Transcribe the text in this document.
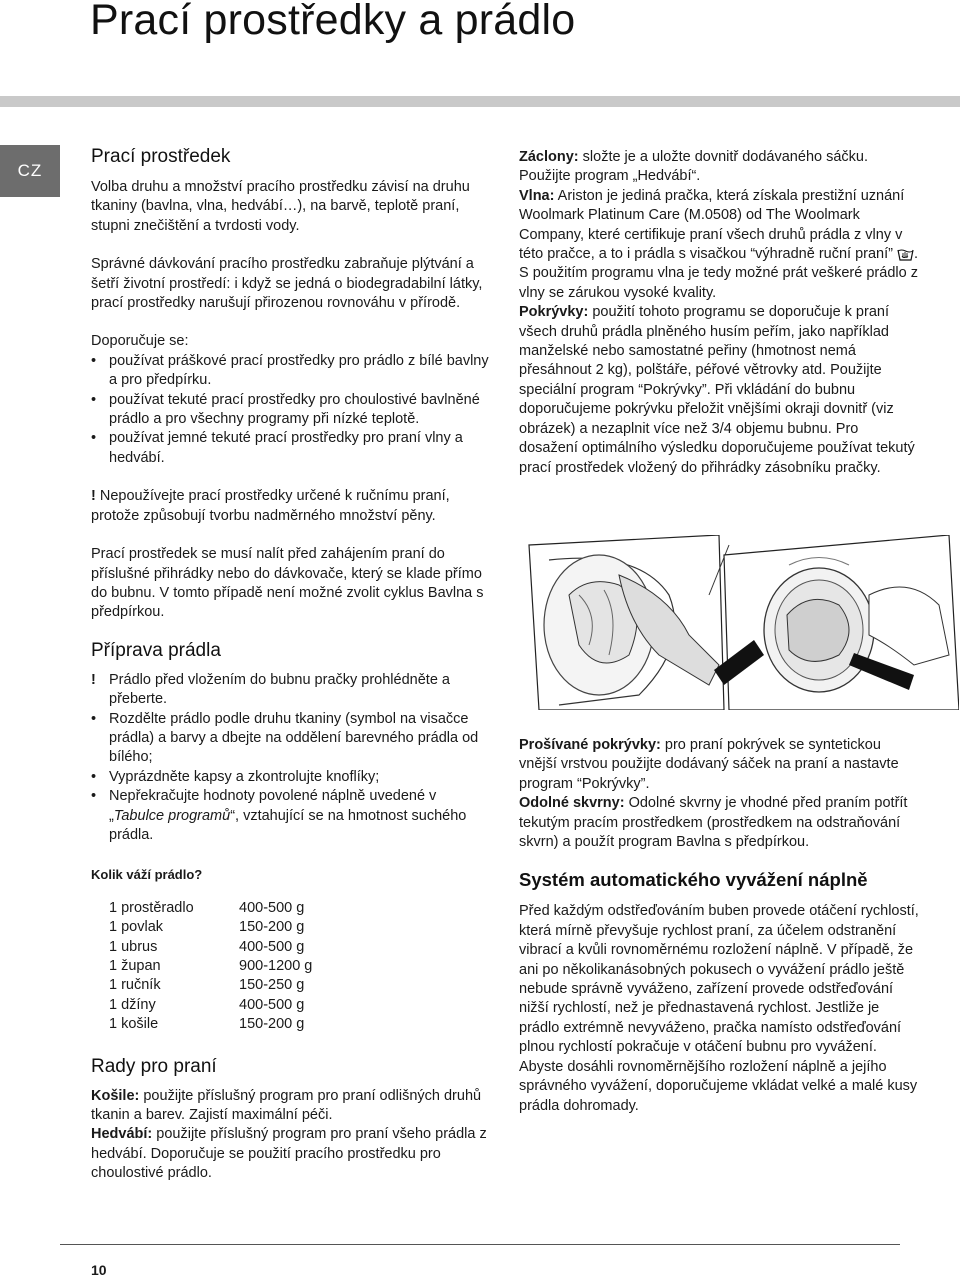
Prací prostředky a prádlo
CZ
Prací prostředek
Volba druhu a množství pracího prostředku závisí na druhu tkaniny (bavlna, vlna, hedvábí…), na barvě, teplotě praní, stupni znečištění a tvrdosti vody.
Správné dávkování pracího prostředku zabraňuje plýtvání a šetří životní prostředí: i když se jedná o biodegradabilní látky, prací prostředky narušují přirozenou rovnováhu v přírodě.
Doporučuje se:
• používat práškové prací prostředky pro prádlo z bílé bavlny a pro předpírku.
• používat tekuté prací prostředky pro choulostivé bavlněné prádlo a pro všechny programy při nízké teplotě.
• používat jemné tekuté prací prostředky pro praní vlny a hedvábí.
! Nepoužívejte prací prostředky určené k ručnímu praní, protože způsobují tvorbu nadměrného množství pěny.
Prací prostředek se musí nalít před zahájením praní do příslušné přihrádky nebo do dávkovače, který se klade přímo do bubnu. V tomto případě není možné zvolit cyklus Bavlna s předpírkou.
Příprava prádla
! Prádlo před vložením do bubnu pračky prohlédněte a přeberte.
• Rozdělte prádlo podle druhu tkaniny (symbol na visačce prádla) a barvy a dbejte na oddělení barevného prádla od bílého;
• Vyprázdněte kapsy a zkontrolujte knoflíky;
• Nepřekračujte hodnoty povolené náplně uvedené v „Tabulce programů“, vztahující se na hmotnost suchého prádla.
Kolik váží prádlo?
1 prostěradlo	400-500 g
1 povlak	150-200 g
1 ubrus	400-500 g
1 župan	900-1200 g
1 ručník	150-250 g
1 džíny	400-500 g
1 košile	150-200 g
Rady pro praní
Košile: použijte příslušný program pro praní odlišných druhů tkanin a barev. Zajistí maximální péči.
Hedvábí: použijte příslušný program pro praní všeho prádla z hedvábí. Doporučuje se použití pracího prostředku pro choulostivé prádlo.
Záclony: složte je a uložte dovnitř dodávaného sáčku. Použijte program „Hedvábí“.
Vlna: Ariston je jediná pračka, která získala prestižní uznání Woolmark Platinum Care (M.0508) od The Woolmark Company, které certifikuje praní všech druhů prádla z vlny v této pračce, a to i prádla s visačkou “výhradně ruční praní” .
S použitím programu vlna je tedy možné prát veškeré prádlo z vlny se zárukou vysoké kvality.
Pokrývky: použití tohoto programu se doporučuje k praní všech druhů prádla plněného husím peřím, jako například manželské nebo samostatné peřiny (hmotnost nemá přesáhnout 2 kg), polštáře, péřové větrovky atd. Použijte speciální program “Pokrývky”. Při vkládání do bubnu doporučujeme pokrývku přeložit vnějšími okraji dovnitř (viz obrázek) a nezaplnit více než 3/4 objemu bubnu. Pro dosažení optimálního výsledku doporučujeme používat tekutý prací prostředek vložený do přihrádky zásobníku pračky.
Prošívané pokrývky: pro praní pokrývek se syntetickou vnější vrstvou použijte dodávaný sáček na praní a nastavte program “Pokrývky”.
Odolné skvrny: Odolné skvrny je vhodné před praním potřít tekutým pracím prostředkem (prostředkem na odstraňování skvrn) a použít program Bavlna s předpírkou.
Systém automatického vyvážení náplně
Před každým odstřeďováním buben provede otáčení rychlostí, která mírně převyšuje rychlost praní, za účelem odstranění vibrací a kvůli rovnoměrnému rozložení náplně. V případě, že ani po několikanásobných pokusech o vyvážení prádlo ještě nebude správně vyváženo, zařízení provede odstřeďování nižší rychlostí, než je přednastavená rychlost. Jestliže je prádlo extrémně nevyváženo, pračka namísto odstřeďování plnou rychlostí pokračuje v otáčení bubnu pro vyvážení.
Abyste dosáhli rovnoměrnějšího rozložení náplně a jejího správného vyvážení, doporučujeme vkládat velké a malé kusy prádla dohromady.
10
